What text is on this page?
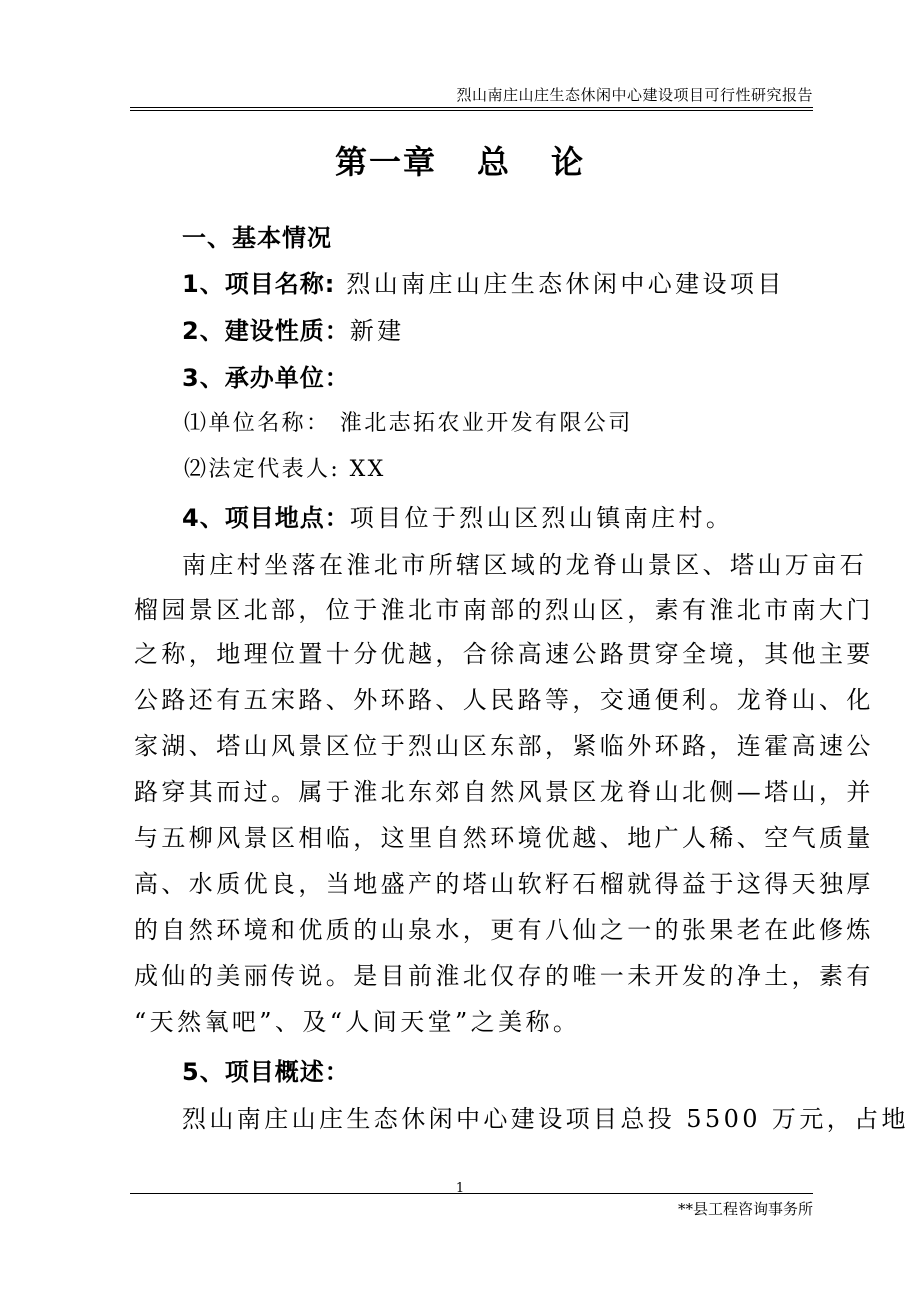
烈山南庄山庄生态休闲中心建设项目可行性研究报告
第一章 总 论
一、基本情况
1、项目名称: 烈山南庄山庄生态休闲中心建设项目
2、建设性质：新建
3、承办单位：
⑴单位名称： 淮北志拓农业开发有限公司
⑵法定代表人: XX
4、项目地点：项目位于烈山区烈山镇南庄村。
南庄村坐落在淮北市所辖区域的龙脊山景区、塔山万亩石
榴园景区北部，位于淮北市南部的烈山区，素有淮北市南大门
之称，地理位置十分优越，合徐高速公路贯穿全境，其他主要
公路还有五宋路、外环路、人民路等，交通便利。龙脊山、化
家湖、塔山风景区位于烈山区东部，紧临外环路，连霍高速公
路穿其而过。属于淮北东郊自然风景区龙脊山北侧—塔山，并
与五柳风景区相临，这里自然环境优越、地广人稀、空气质量
高、水质优良，当地盛产的塔山软籽石榴就得益于这得天独厚
的自然环境和优质的山泉水，更有八仙之一的张果老在此修炼
成仙的美丽传说。是目前淮北仅存的唯一未开发的净土，素有
“天然氧吧”、及“人间天堂”之美称。
5、项目概述：
烈山南庄山庄生态休闲中心建设项目总投 5500 万元，占地
1
**县工程咨询事务所
